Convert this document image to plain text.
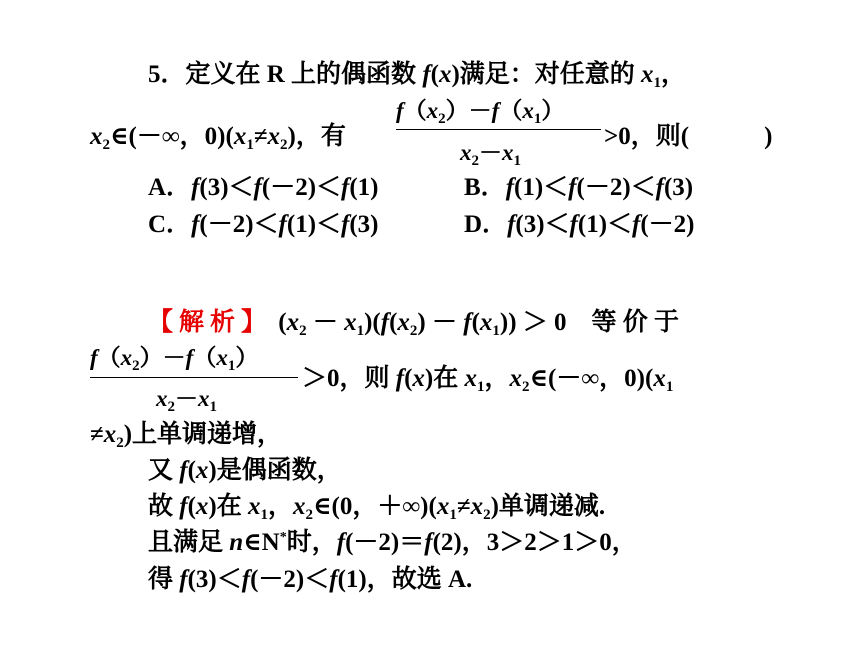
5．定义在 R 上的偶函数 f(x)满足：对任意的 $x_1$，
$x_2\in(-\infty$，$0)(x_1\ne x_2)$，有
$f(x_2)-f(x_1)$
$x_2-x_1$
>0，则(　　　)
A．f(3)＜f(－2)＜f(1)	B．f(1)＜f(－2)＜f(3)
C．f(－2)＜f(1)＜f(3)	D．f(3)＜f(1)＜f(－2)
【解析】 $(x_2 - x_1)(f(x_2) - f(x_1)) > 0$　等 价 于
$f(x_2)-f(x_1)$
$x_2-x_1$
＞0，则 f(x)在 $x_1$，$x_2\in(-\infty$，$0)(x_1$
$\ne x_2$)上单调递增，
又 f(x)是偶函数，
故 f(x)在 $x_1$，$x_2\in(0$，$+\infty)(x_1\ne x_2)$单调递减.
且满足 n∈N*时，f(－2)＝f(2)，3＞2＞1＞0，
得 f(3)＜f(－2)＜f(1)，故选 A.
